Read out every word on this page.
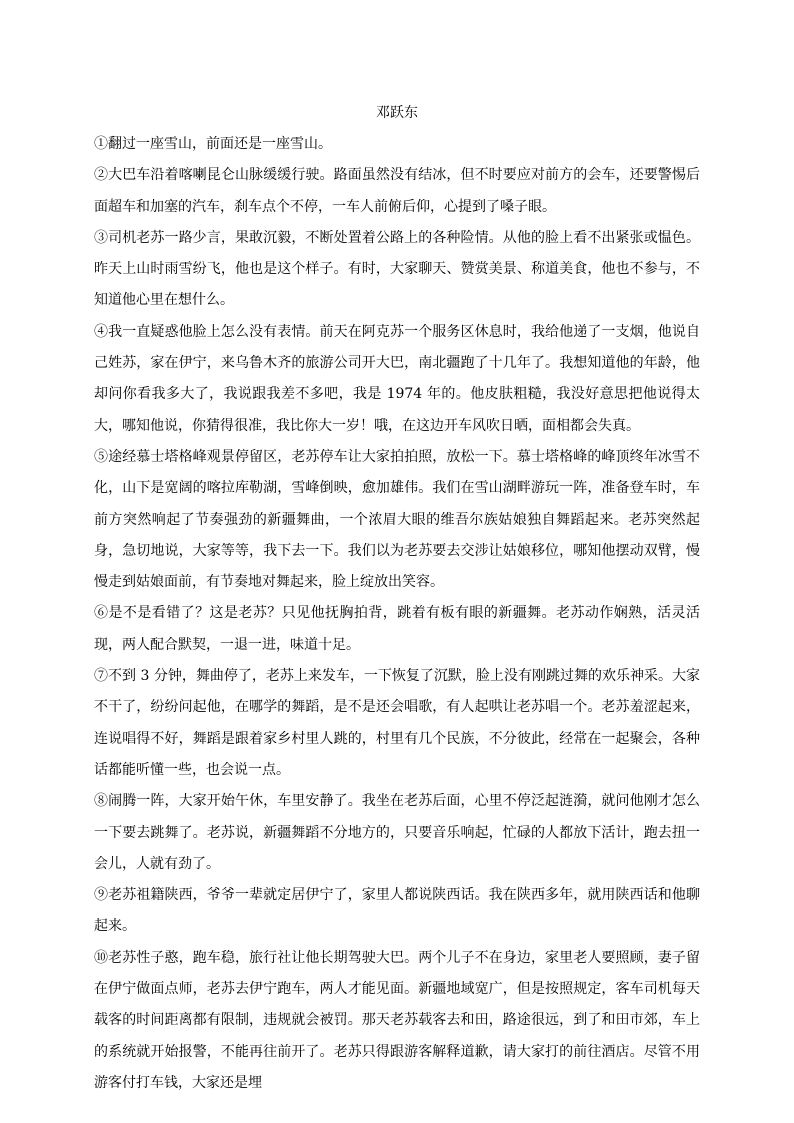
邓跃东

①翻过一座雪山，前面还是一座雪山。

②大巴车沿着喀喇昆仑山脉缓缓行驶。路面虽然没有结冰，但不时要应对前方的会车，还要警惕后面超车和加塞的汽车，刹车点个不停，一车人前俯后仰，心提到了嗓子眼。

③司机老苏一路少言，果敢沉毅，不断处置着公路上的各种险情。从他的脸上看不出紧张或愠色。昨天上山时雨雪纷飞，他也是这个样子。有时，大家聊天、赞赏美景、称道美食，他也不参与，不知道他心里在想什么。

④我一直疑惑他脸上怎么没有表情。前天在阿克苏一个服务区休息时，我给他递了一支烟，他说自己姓苏，家在伊宁，来乌鲁木齐的旅游公司开大巴，南北疆跑了十几年了。我想知道他的年龄，他却问你看我多大了，我说跟我差不多吧，我是 1974 年的。他皮肤粗糙，我没好意思把他说得太大，哪知他说，你猜得很准，我比你大一岁！哦，在这边开车风吹日晒，面相都会失真。

⑤途经慕士塔格峰观景停留区，老苏停车让大家拍拍照，放松一下。慕士塔格峰的峰顶终年冰雪不化，山下是宽阔的喀拉库勒湖，雪峰倒映，愈加雄伟。我们在雪山湖畔游玩一阵，准备登车时，车前方突然响起了节奏强劲的新疆舞曲，一个浓眉大眼的维吾尔族姑娘独自舞蹈起来。老苏突然起身，急切地说，大家等等，我下去一下。我们以为老苏要去交涉让姑娘移位，哪知他摆动双臂，慢慢走到姑娘面前，有节奏地对舞起来，脸上绽放出笑容。

⑥是不是看错了？这是老苏？只见他抚胸拍背，跳着有板有眼的新疆舞。老苏动作娴熟，活灵活现，两人配合默契，一退一进，味道十足。

⑦不到 3 分钟，舞曲停了，老苏上来发车，一下恢复了沉默，脸上没有刚跳过舞的欢乐神采。大家不干了，纷纷问起他，在哪学的舞蹈，是不是还会唱歌，有人起哄让老苏唱一个。老苏羞涩起来，连说唱得不好，舞蹈是跟着家乡村里人跳的，村里有几个民族，不分彼此，经常在一起聚会，各种话都能听懂一些，也会说一点。

⑧闹腾一阵，大家开始午休，车里安静了。我坐在老苏后面，心里不停泛起涟漪，就问他刚才怎么一下要去跳舞了。老苏说，新疆舞蹈不分地方的，只要音乐响起，忙碌的人都放下活计，跑去扭一会儿，人就有劲了。

⑨老苏祖籍陕西，爷爷一辈就定居伊宁了，家里人都说陕西话。我在陕西多年，就用陕西话和他聊起来。

⑩老苏性子憨，跑车稳，旅行社让他长期驾驶大巴。两个儿子不在身边，家里老人要照顾，妻子留在伊宁做面点师，老苏去伊宁跑车，两人才能见面。新疆地域宽广，但是按照规定，客车司机每天载客的时间距离都有限制，违规就会被罚。那天老苏载客去和田，路途很远，到了和田市郊，车上的系统就开始报警，不能再往前开了。老苏只得跟游客解释道歉，请大家打的前往酒店。尽管不用游客付打车钱，大家还是埋
